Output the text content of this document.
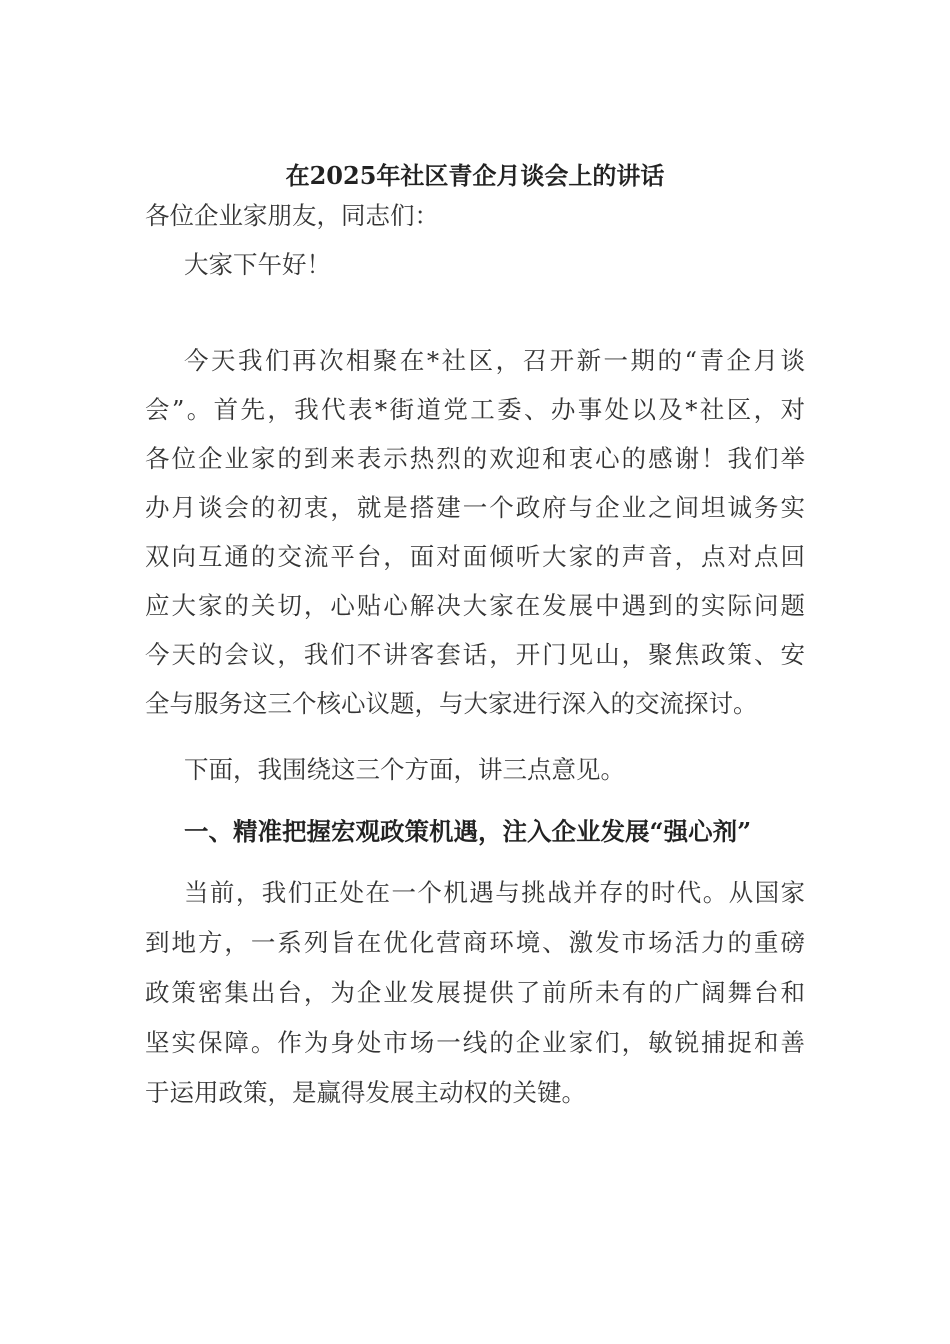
在2025年社区青企月谈会上的讲话
各位企业家朋友，同志们：
大家下午好！
今天我们再次相聚在*社区，召开新一期的“青企月谈
会”。首先，我代表*街道党工委、办事处以及*社区，对
各位企业家的到来表示热烈的欢迎和衷心的感谢！我们举
办月谈会的初衷，就是搭建一个政府与企业之间坦诚务实
双向互通的交流平台，面对面倾听大家的声音，点对点回
应大家的关切，心贴心解决大家在发展中遇到的实际问题
今天的会议，我们不讲客套话，开门见山，聚焦政策、安
全与服务这三个核心议题，与大家进行深入的交流探讨。
下面，我围绕这三个方面，讲三点意见。
一、精准把握宏观政策机遇，注入企业发展“强心剂”
当前，我们正处在一个机遇与挑战并存的时代。从国家
到地方，一系列旨在优化营商环境、激发市场活力的重磅
政策密集出台，为企业发展提供了前所未有的广阔舞台和
坚实保障。作为身处市场一线的企业家们，敏锐捕捉和善
于运用政策，是赢得发展主动权的关键。
